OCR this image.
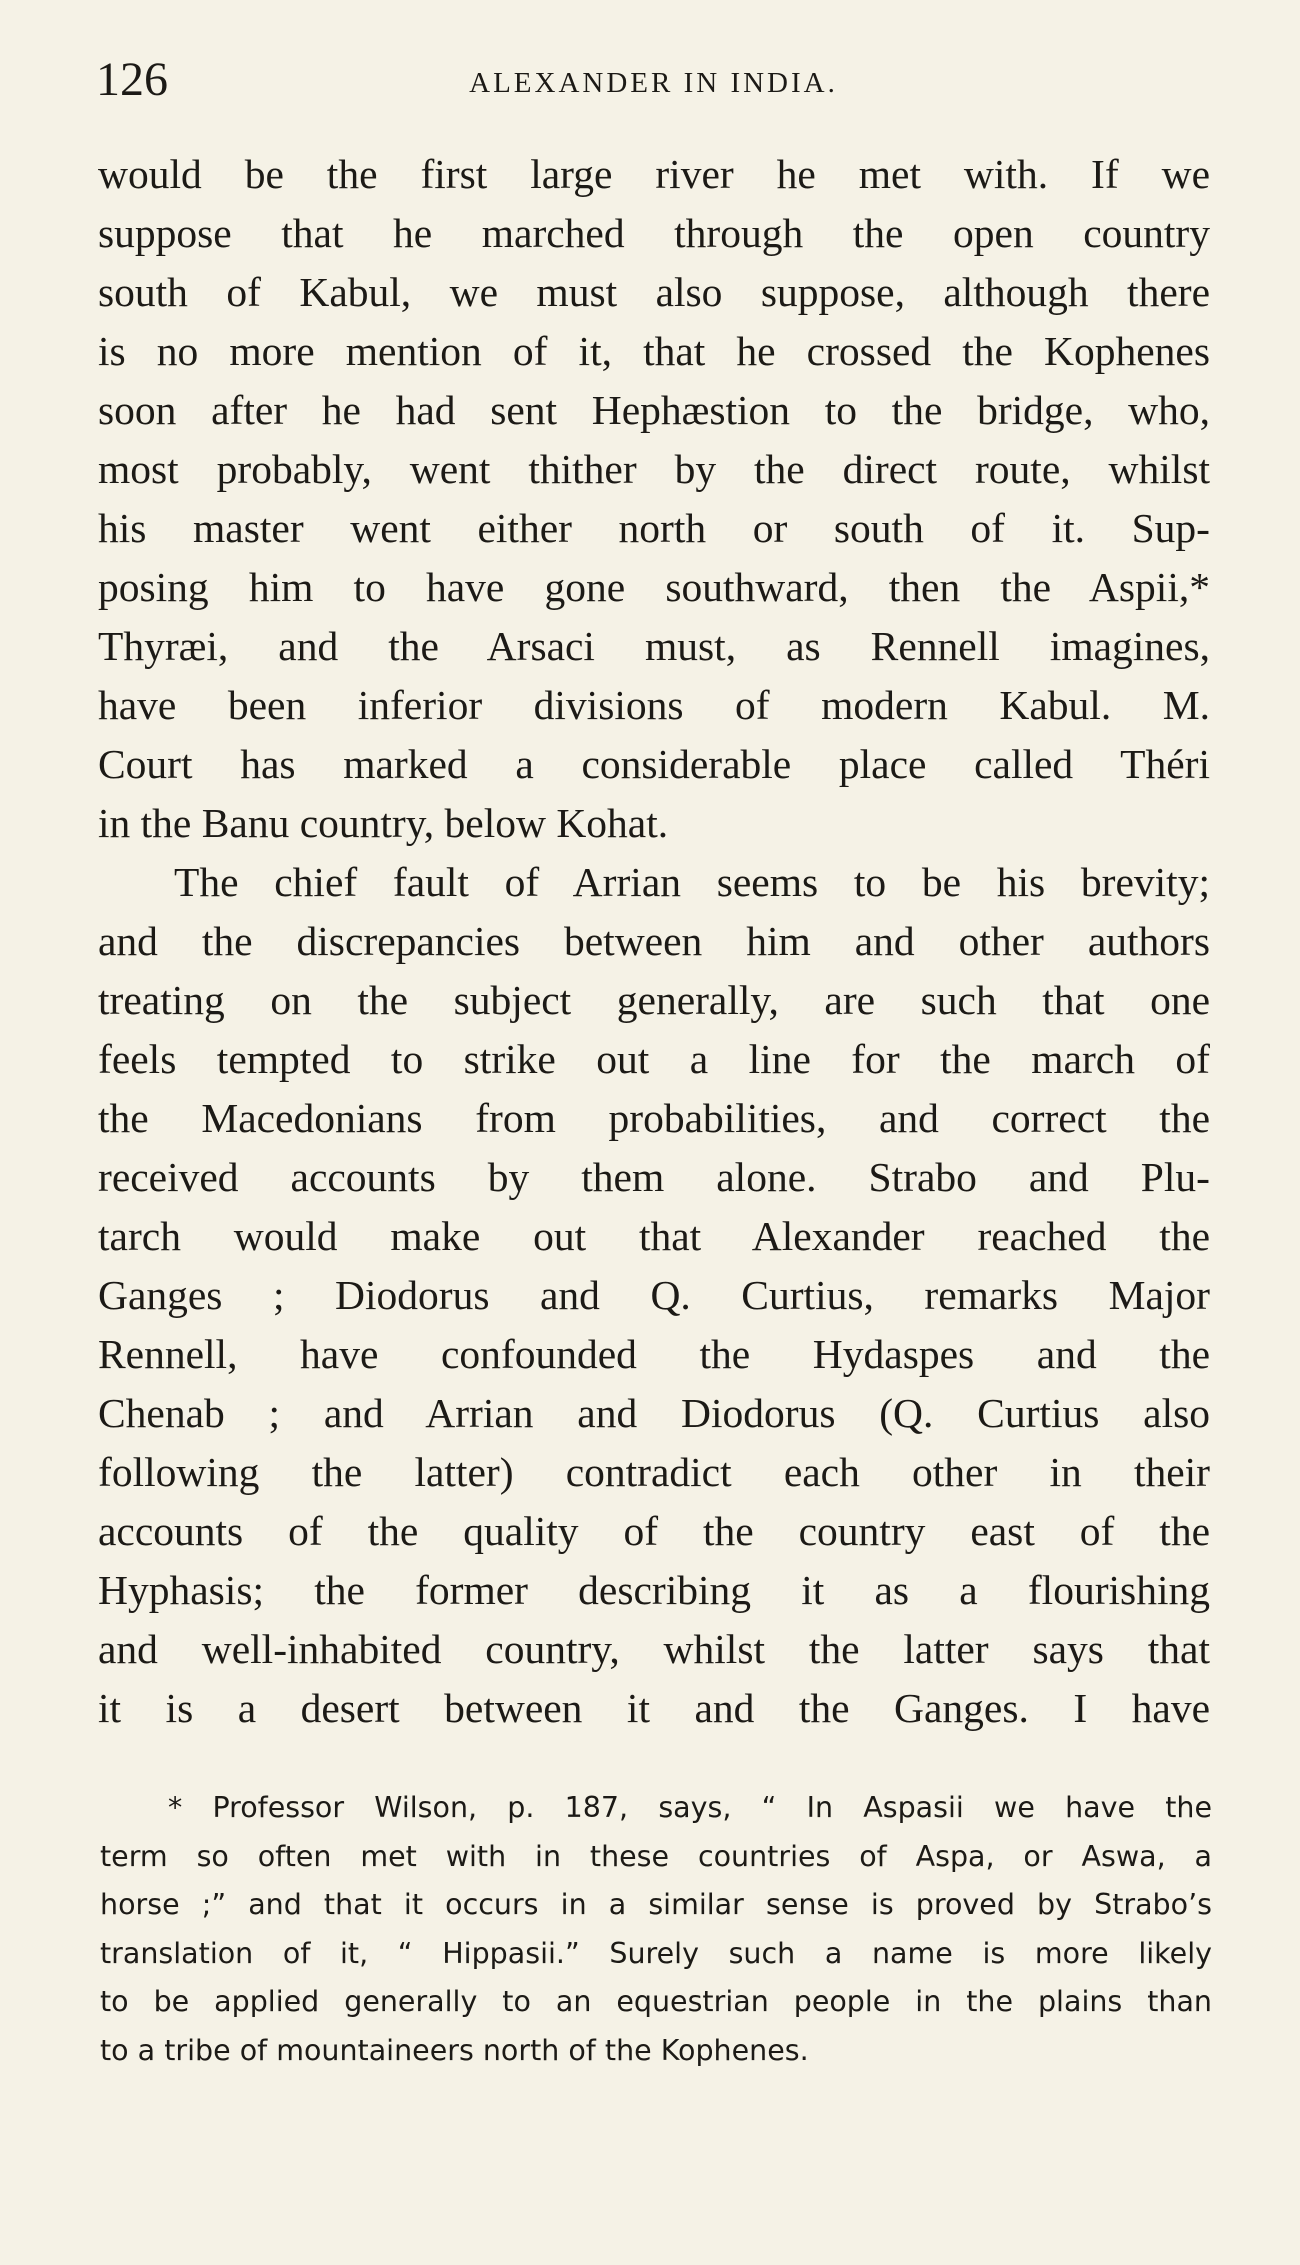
126	ALEXANDER IN INDIA.
would be the first large river he met with. If we
suppose that he marched through the open country
south of Kabul, we must also suppose, although there
is no more mention of it, that he crossed the Kophenes
soon after he had sent Hephæstion to the bridge, who,
most probably, went thither by the direct route, whilst
his master went either north or south of it. Sup-
posing him to have gone southward, then the Aspii,*
Thyræi, and the Arsaci must, as Rennell imagines,
have been inferior divisions of modern Kabul. M.
Court has marked a considerable place called Théri
in the Banu country, below Kohat.
The chief fault of Arrian seems to be his brevity;
and the discrepancies between him and other authors
treating on the subject generally, are such that one
feels tempted to strike out a line for the march of
the Macedonians from probabilities, and correct the
received accounts by them alone. Strabo and Plu-
tarch would make out that Alexander reached the
Ganges ; Diodorus and Q. Curtius, remarks Major
Rennell, have confounded the Hydaspes and the
Chenab ; and Arrian and Diodorus (Q. Curtius also
following the latter) contradict each other in their
accounts of the quality of the country east of the
Hyphasis; the former describing it as a flourishing
and well-inhabited country, whilst the latter says that
it is a desert between it and the Ganges. I have
* Professor Wilson, p. 187, says, “ In Aspasii we have the
term so often met with in these countries of Aspa, or Aswa, a
horse ;” and that it occurs in a similar sense is proved by Strabo’s
translation of it, “ Hippasii.” Surely such a name is more likely
to be applied generally to an equestrian people in the plains than
to a tribe of mountaineers north of the Kophenes.
